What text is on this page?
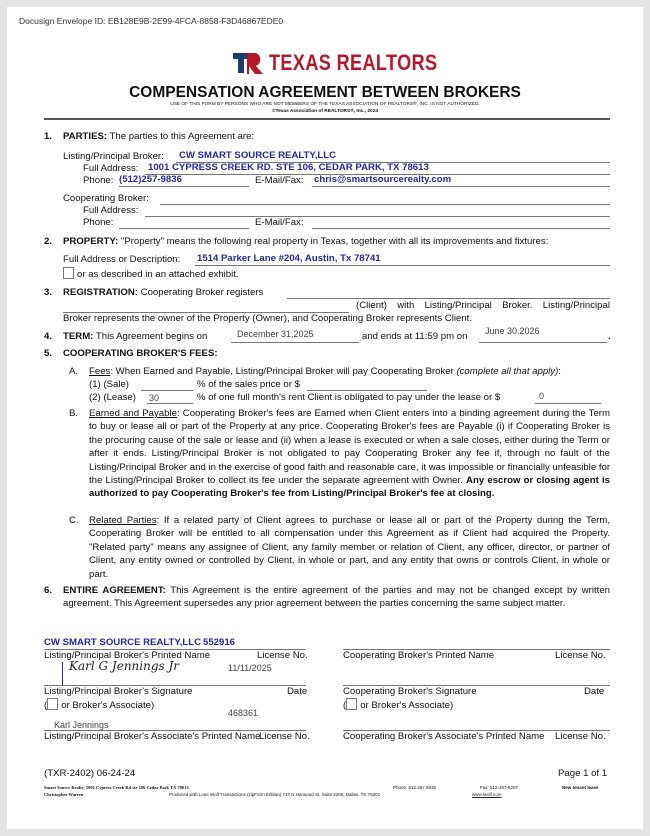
Docusign Envelope ID: EB128E9B-2E99-4FCA-8858-F3D46867EDE0
TEXAS REALTORS
COMPENSATION AGREEMENT BETWEEN BROKERS
USE OF THIS FORM BY PERSONS WHO ARE NOT MEMBERS OF THE TEXAS ASSOCIATION OF REALTORS®, INC. IS NOT AUTHORIZED.
©Texas Association of REALTORS®, Inc., 2024
1. PARTIES: The parties to this Agreement are:
Listing/Principal Broker: CW SMART SOURCE REALTY,LLC
Full Address: 1001 CYPRESS CREEK RD. STE 106, CEDAR PARK, TX 78613
Phone: (512)257-9836	E-Mail/Fax: chris@smartsourcerealty.com
Cooperating Broker:
Full Address:
Phone:	E-Mail/Fax:
2. PROPERTY: "Property" means the following real property in Texas, together with all its improvements and fixtures:
Full Address or Description: 1514 Parker Lane #204, Austin, Tx 78741
or as described in an attached exhibit.
3. REGISTRATION: Cooperating Broker registers
(Client) with Listing/Principal Broker. Listing/Principal
Broker represents the owner of the Property (Owner), and Cooperating Broker represents Client.
4. TERM: This Agreement begins on	December 31,2025	and ends at 11:59 pm on June 30.2026	.
5. COOPERATING BROKER'S FEES:
A. Fees: When Earned and Payable, Listing/Principal Broker will pay Cooperating Broker (complete all that apply):
(1) (Sale)	% of the sales price or $
(2) (Lease) 30	% of one full month's rent Client is obligated to pay under the lease or $	0
B. Earned and Payable: Cooperating Broker's fees are Earned when Client enters into a binding agreement during the Term to buy or lease all or part of the Property at any price. Cooperating Broker's fees are Payable (i) if Cooperating Broker is the procuring cause of the sale or lease and (ii) when a lease is executed or when a sale closes, either during the Term or after it ends. Listing/Principal Broker is not obligated to pay Cooperating Broker any fee if, through no fault of the Listing/Principal Broker and in the exercise of good faith and reasonable care, it was impossible or financially unfeasible for the Listing/Principal Broker to collect its fee under the separate agreement with Owner. Any escrow or closing agent is authorized to pay Cooperating Broker's fee from Listing/Principal Broker's fee at closing.
C. Related Parties: If a related party of Client agrees to purchase or lease all or part of the Property during the Term, Cooperating Broker will be entitled to all compensation under this Agreement as if Client had acquired the Property. "Related party" means any assignee of Client, any family member or relation of Client, any officer, director, or partner of Client, any entity owned or controlled by Client, in whole or part, and any entity that owns or controls Client, in whole or part.
6. ENTIRE AGREEMENT: This Agreement is the entire agreement of the parties and may not be changed except by written agreement. This Agreement supersedes any prior agreement between the parties concerning the same subject matter.
CW SMART SOURCE REALTY,LLC 552916
Listing/Principal Broker's Printed Name	License No.
Karl G Jennings Jr	11/11/2025
Listing/Principal Broker's Signature	Date
( or Broker's Associate)
468361
Karl Jennings
Listing/Principal Broker's Associate's Printed Name
License No.
Cooperating Broker's Printed Name	License No.
Cooperating Broker's Signature	Date
( or Broker's Associate)
Cooperating Broker's Associate's Printed Name License No.
(TXR-2402) 06-24-24	Page 1 of 1
Smart Source Realty, 1001 Cypress Creek Rd ste 106 Cedar Park TX 78613	Phone: 512.257.9836	Fax: 512-257-8207	New tenant lease
Christopher Warren	Produced with Lone Wolf Transactions (zipForm Edition) 717 N Harwood St, Suite 2200, Dallas, TX 75201	www.lwolf.com
